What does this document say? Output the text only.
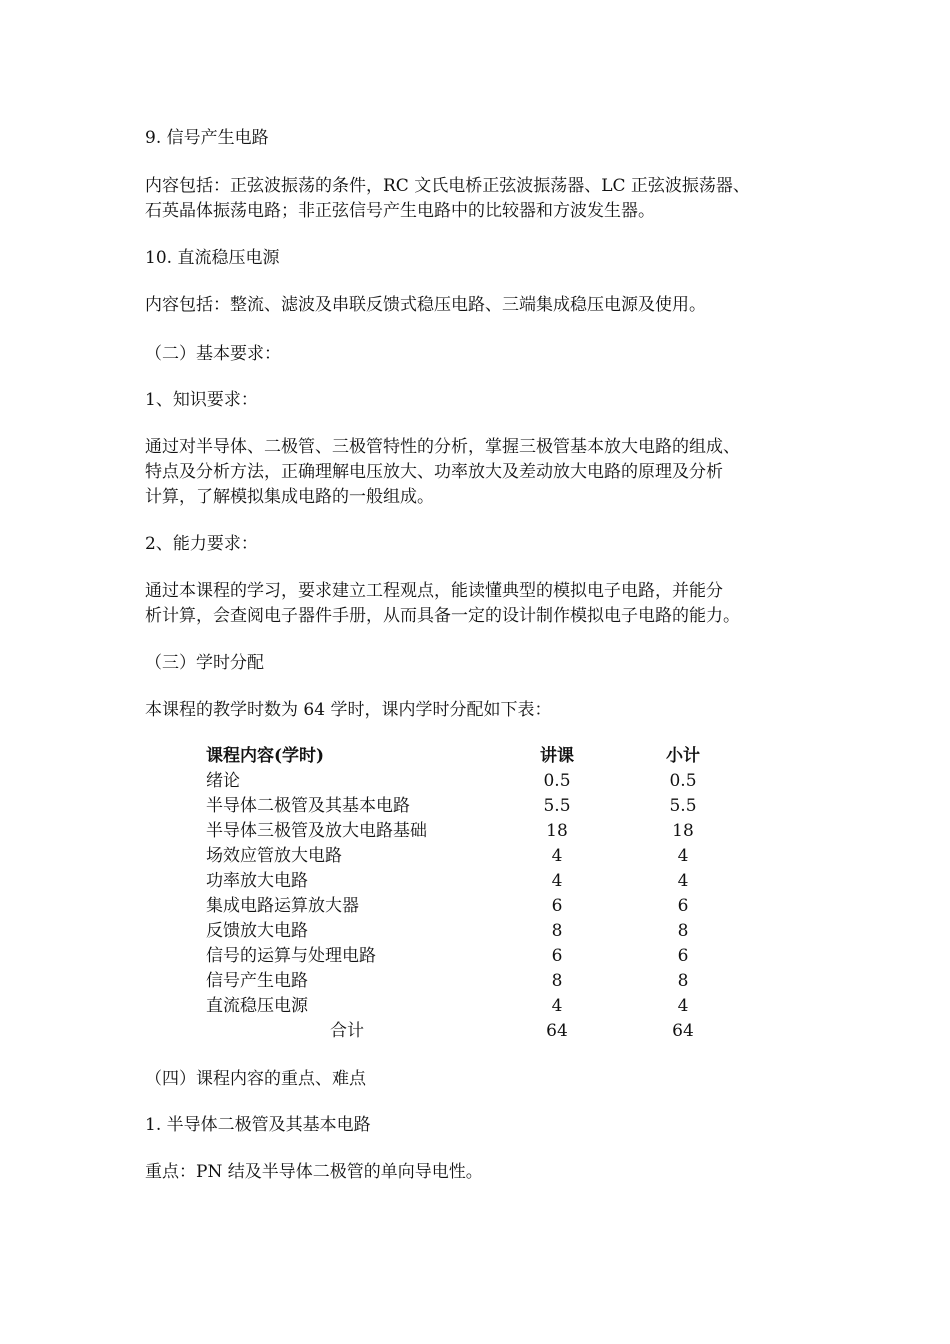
9. 信号产生电路
内容包括：正弦波振荡的条件，RC 文氏电桥正弦波振荡器、LC 正弦波振荡器、
石英晶体振荡电路；非正弦信号产生电路中的比较器和方波发生器。
10. 直流稳压电源
内容包括：整流、滤波及串联反馈式稳压电路、三端集成稳压电源及使用。
（二）基本要求：
1、知识要求：
通过对半导体、二极管、三极管特性的分析，掌握三极管基本放大电路的组成、
特点及分析方法，正确理解电压放大、功率放大及差动放大电路的原理及分析
计算，了解模拟集成电路的一般组成。
2、能力要求：
通过本课程的学习，要求建立工程观点，能读懂典型的模拟电子电路，并能分
析计算，会查阅电子器件手册，从而具备一定的设计制作模拟电子电路的能力。
（三）学时分配
本课程的教学时数为 64 学时，课内学时分配如下表：
课程内容(学时)	讲课	小计
绪论	0.5	0.5
半导体二极管及其基本电路	5.5	5.5
半导体三极管及放大电路基础	18	18
场效应管放大电路	4	4
功率放大电路	4	4
集成电路运算放大器	6	6
反馈放大电路	8	8
信号的运算与处理电路	6	6
信号产生电路	8	8
直流稳压电源	4	4
合计	64	64
（四）课程内容的重点、难点
1. 半导体二极管及其基本电路
重点：PN 结及半导体二极管的单向导电性。
